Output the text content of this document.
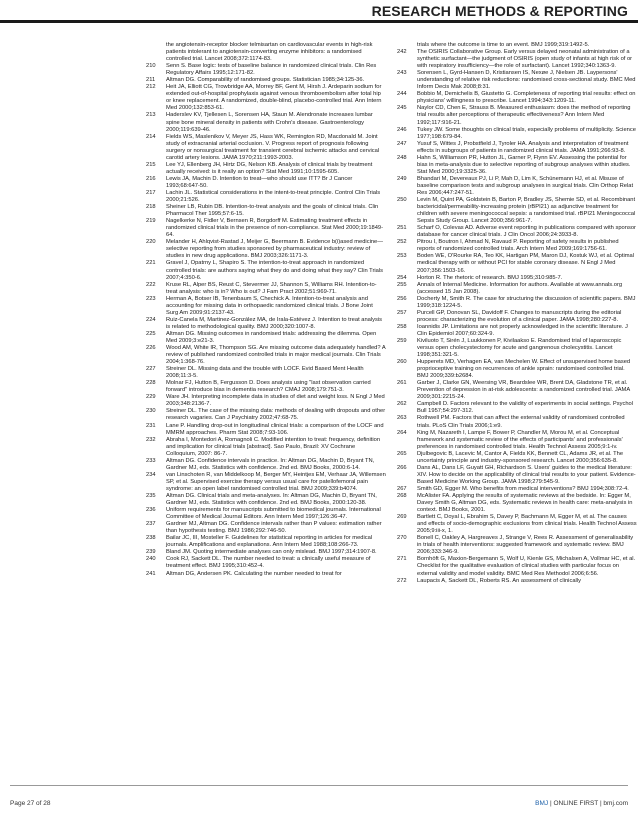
RESEARCH METHODS & REPORTING
the angiotensin-receptor blocker telmisartan on cardiovascular events in high-risk patients intolerant to angiotensin-converting enzyme inhibitors: a randomised controlled trial. Lancet 2008;372:1174-83.
210	Senn S. Base logic: tests of baseline balance in randomized clinical trials. Clin Res Regulatory Affairs 1995;12:171-82.
211	Altman DG. Comparability of randomised groups. Statistician 1985;34:125-36.
212	Heit JA, Elliott CG, Trowbridge AA, Morrey BF, Gent M, Hirsh J. Ardeparin sodium for extended out-of-hospital prophylaxis against venous thromboembolism after total hip or knee replacement. A randomized, double-blind, placebo-controlled trial. Ann Intern Med 2000;132:853-61.
213	Haderslev KV, Tjellesen L, Sorensen HA, Staun M. Alendronate increases lumbar spine bone mineral density in patients with Crohn's disease. Gastroenterology 2000;119:639-46.
214	Fields WS, Maslenikov V, Meyer JS, Hass WK, Remington RD, Macdonald M. Joint study of extracranial arterial occlusion. V. Progress report of prognosis following surgery or nonsurgical treatment for transient cerebral ischemic attacks and cervical carotid artery lesions. JAMA 1970;211:1993-2003.
215	Lee YJ, Ellenberg JH, Hirtz DG, Nelson KB. Analysis of clinical trials by treatment actually received: is it really an option? Stat Med 1991;10:1595-605.
216	Lewis JA, Machin D. Intention to treat—who should use ITT? Br J Cancer 1993;68:647-50.
217	Lachin JL. Statistical considerations in the intent-to-treat principle. Control Clin Trials 2000;21:526.
218	Sheiner LB, Rubin DB. Intention-to-treat analysis and the goals of clinical trials. Clin Pharmacol Ther 1995;57:6-15.
219	Nagelkerke N, Fidler V, Bernsen R, Borgdorff M. Estimating treatment effects in randomized clinical trials in the presence of non-compliance. Stat Med 2000;19:1849-64.
220	Melander H, Ahlqvist-Rastad J, Meijer G, Beermann B. Evidence b(i)ased medicine—selective reporting from studies sponsored by pharmaceutical industry: review of studies in new drug applications. BMJ 2003;326:1171-3.
221	Gravel J, Opatrny L, Shapiro S. The intention-to-treat approach in randomized controlled trials: are authors saying what they do and doing what they say? Clin Trials 2007;4:350-6.
222	Kruse RL, Alper BS, Reust C, Stevermer JJ, Shannon S, Williams RH. Intention-to-treat analysis: who is in? Who is out? J Fam Pract 2002;51:969-71.
223	Herman A, Botser IB, Tenenbaum S, Chechick A. Intention-to-treat analysis and accounting for missing data in orthopaedic randomized clinical trials. J Bone Joint Surg Am 2009;91:2137-43.
224	Ruiz-Canela M, Martinez-González MA, de Irala-Estévez J. Intention to treat analysis is related to methodological quality. BMJ 2000;320:1007-8.
225	Altman DG. Missing outcomes in randomised trials: addressing the dilemma. Open Med 2009;3:e21-3.
226	Wood AM, White IR, Thompson SG. Are missing outcome data adequately handled? A review of published randomized controlled trials in major medical journals. Clin Trials 2004;1:368-76.
227	Streiner DL. Missing data and the trouble with LOCF. Evid Based Ment Health 2008;11:3-5.
228	Molnar FJ, Hutton B, Fergusson D. Does analysis using "last observation carried forward" introduce bias in dementia research? CMAJ 2008;179:751-3.
229	Ware JH. Interpreting incomplete data in studies of diet and weight loss. N Engl J Med 2003;348:2136-7.
230	Streiner DL. The case of the missing data: methods of dealing with dropouts and other research vagaries. Can J Psychiatry 2002;47:68-75.
231	Lane P. Handling drop-out in longitudinal clinical trials: a comparison of the LOCF and MMRM approaches. Pharm Stat 2008;7:93-106.
232	Abraha I, Montedori A, Romagnoli C. Modified intention to treat: frequency, definition and implication for clinical trials [abstract]. Sao Paulo, Brazil: XV Cochrane Colloquium, 2007: 86-7.
233	Altman DG. Confidence intervals in practice. In: Altman DG, Machin D, Bryant TN, Gardner MJ, eds. Statistics with confidence. 2nd ed. BMJ Books, 2000:6-14.
234	van Linschoten R, van Middelkoop M, Berger MY, Heintjes EM, Verhaar JA, Willemsen SP, et al. Supervised exercise therapy versus usual care for patellofemoral pain syndrome: an open label randomised controlled trial. BMJ 2009;339:b4074.
235	Altman DG. Clinical trials and meta-analyses. In: Altman DG, Machin D, Bryant TN, Gardner MJ, eds. Statistics with confidence. 2nd ed. BMJ Books, 2000:120-38.
236	Uniform requirements for manuscripts submitted to biomedical journals. International Committee of Medical Journal Editors. Ann Intern Med 1997;126:36-47.
237	Gardner MJ, Altman DG. Confidence intervals rather than P values: estimation rather than hypothesis testing. BMJ 1986;292:746-50.
238	Bailar JC, III, Mosteller F. Guidelines for statistical reporting in articles for medical journals. Amplifications and explanations. Ann Intern Med 1988;108:266-73.
239	Bland JM. Quoting intermediate analyses can only mislead. BMJ 1997;314:1907-8.
240	Cook RJ, Sackett DL. The number needed to treat: a clinically useful measure of treatment effect. BMJ 1995;310:452-4.
241	Altman DG, Andersen PK. Calculating the number needed to treat for
trials where the outcome is time to an event. BMJ 1999;319:1492-5.
242	The OSIRIS Collaborative Group. Early versus delayed neonatal administration of a synthetic surfactant—the judgment of OSIRIS (open study of infants at high risk of or with respiratory insufficiency—the role of surfactant). Lancet 1992;340:1363-9.
243	Sorensen L, Gyrd-Hansen D, Kristiansen IS, Nexøe J, Nielsen JB. Laypersons' understanding of relative risk reductions: randomised cross-sectional study. BMC Med Inform Decis Mak 2008;8:31.
244	Bobbio M, Demichelis B, Giustetto G. Completeness of reporting trial results: effect on physicians' willingness to prescribe. Lancet 1994;343:1209-11.
245	Naylor CD, Chen E, Strauss B. Measured enthusiasm: does the method of reporting trial results alter perceptions of therapeutic effectiveness? Ann Intern Med 1992;117:916-21.
246	Tukey JW. Some thoughts on clinical trials, especially problems of multiplicity. Science 1977;198:679-84.
247	Yusuf S, Wittes J, Probstfield J, Tyroler HA. Analysis and interpretation of treatment effects in subgroups of patients in randomized clinical trials. JAMA 1991;266:93-8.
248	Hahn S, Williamson PR, Hutton JL, Garner P, Flynn EV. Assessing the potential for bias in meta-analysis due to selective reporting of subgroup analyses within studies. Stat Med 2000;19:3325-36.
249	Bhandari M, Devereaux PJ, Li P, Mah D, Lim K, Schünemann HJ, et al. Misuse of baseline comparison tests and subgroup analyses in surgical trials. Clin Orthop Relat Res 2006;447:247-51.
250	Levin M, Quint PA, Goldstein B, Barton P, Bradley JS, Shemie SD, et al. Recombinant bactericidal/permeability-increasing protein (rBPI21) as adjunctive treatment for children with severe meningococcal sepsis: a randomised trial. rBPI21 Meningococcal Sepsis Study Group. Lancet 2000;356:961-7.
251	Scharf O, Colevas AD. Adverse event reporting in publications compared with sponsor database for cancer clinical trials. J Clin Oncol 2006;24:3933-8.
252	Pitrou I, Boutron I, Ahmad N, Ravaud P. Reporting of safety results in published reports of randomized controlled trials. Arch Intern Med 2009;169:1756-61.
253	Boden WE, O'Rourke RA, Teo KK, Hartigan PM, Maron DJ, Kostuk WJ, et al. Optimal medical therapy with or without PCI for stable coronary disease. N Engl J Med 2007;356:1503-16.
254	Horton R. The rhetoric of research. BMJ 1995;310:985-7.
255	Annals of Internal Medicine. Information for authors. Available at www.annals.org (accessed 15 Jan 2008).
256	Docherty M, Smith R. The case for structuring the discussion of scientific papers. BMJ 1999;318:1224-5.
257	Purcell GP, Donovan SL, Davidoff F. Changes to manuscripts during the editorial process: characterizing the evolution of a clinical paper. JAMA 1998;280:227-8.
258	Ioannidis JP. Limitations are not properly acknowledged in the scientific literature. J Clin Epidemiol 2007;60:324-9.
259	Kiviluoto T, Sirén J, Luukkonen P, Kivilaakso E. Randomised trial of laparoscopic versus open cholecystectomy for acute and gangrenous cholecystitis. Lancet 1998;351:321-5.
260	Hupperets MD, Verhagen EA, van Mechelen W. Effect of unsupervised home based proprioceptive training on recurrences of ankle sprain: randomised controlled trial. BMJ 2009;339:b2684.
261	Garber J, Clarke GN, Weersing VR, Beardslee WR, Brent DA, Gladstone TR, et al. Prevention of depression in at-risk adolescents: a randomized controlled trial. JAMA 2009;301:2215-24.
262	Campbell D. Factors relevant to the validity of experiments in social settings. Psychol Bull 1957;54:297-312.
263	Rothwell PM. Factors that can affect the external validity of randomised controlled trials. PLoS Clin Trials 2006;1:e9.
264	King M, Nazareth I, Lampe F, Bower P, Chandler M, Morou M, et al. Conceptual framework and systematic review of the effects of participants' and professionals' preferences in randomised controlled trials. Health Technol Assess 2005;9:1-iv.
265	Djulbegovic B, Lacevic M, Cantor A, Fields KK, Bennett CL, Adams JR, et al. The uncertainty principle and industry-sponsored research. Lancet 2000;356:635-8.
266	Dans AL, Dans LF, Guyatt GH, Richardson S. Users' guides to the medical literature: XIV. How to decide on the applicability of clinical trial results to your patient. Evidence-Based Medicine Working Group. JAMA 1998;279:545-9.
267	Smith GD, Egger M. Who benefits from medical interventions? BMJ 1994;308:72-4.
268	McAlister FA. Applying the results of systematic reviews at the bedside. In: Egger M, Davey Smith G, Altman DG, eds. Systematic reviews in health care: meta-analysis in context. BMJ Books, 2001.
269	Bartlett C, Doyal L, Ebrahim S, Davey P, Bachmann M, Egger M, et al. The causes and effects of socio-demographic exclusions from clinical trials. Health Technol Assess 2005;9:iii-x, 1.
270	Bonell C, Oakley A, Hargreaves J, Strange V, Rees R. Assessment of generalisability in trials of health interventions: suggested framework and systematic review. BMJ 2006;333:346-9.
271	Bornhöft G, Maxion-Bergemann S, Wolf U, Kienle GS, Michalsen A, Vollmar HC, et al. Checklist for the qualitative evaluation of clinical studies with particular focus on external validity and model validity. BMC Med Res Methodol 2006;6:56.
272	Laupacis A, Sackett DL, Roberts RS. An assessment of clinically
Page 27 of 28	BMJ | ONLINE FIRST | bmj.com
